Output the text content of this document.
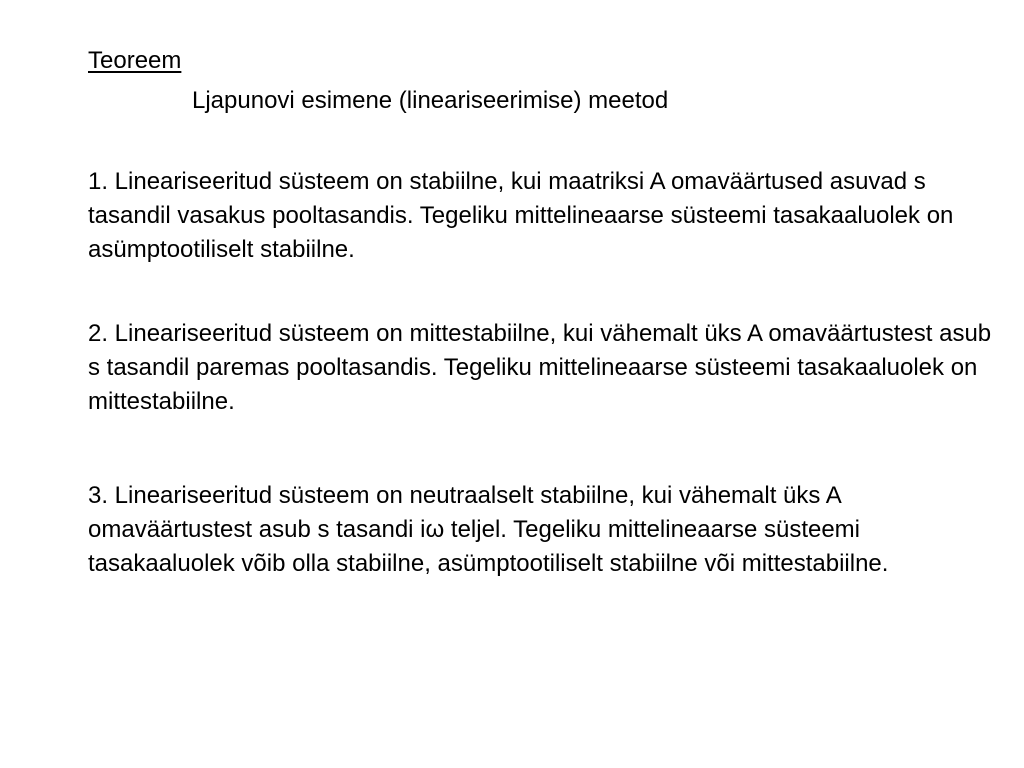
Teoreem
Ljapunovi esimene (lineariseerimise) meetod

1. Lineariseeritud süsteem on stabiilne, kui maatriksi A omaväärtused asuvad s tasandil vasakus pooltasandis. Tegeliku mittelineaarse süsteemi tasakaaluolek on asümptootiliselt stabiilne.

2. Lineariseeritud süsteem on mittestabiilne, kui vähemalt üks A omaväärtustest asub s tasandil paremas pooltasandis. Tegeliku mittelineaarse süsteemi tasakaaluolek on mittestabiilne.

3. Lineariseeritud süsteem on neutraalselt stabiilne, kui vähemalt üks A omaväärtustest asub s tasandi iω teljel. Tegeliku mittelineaarse süsteemi tasakaaluolek võib olla stabiilne, asümptootiliselt stabiilne või mittestabiilne.
